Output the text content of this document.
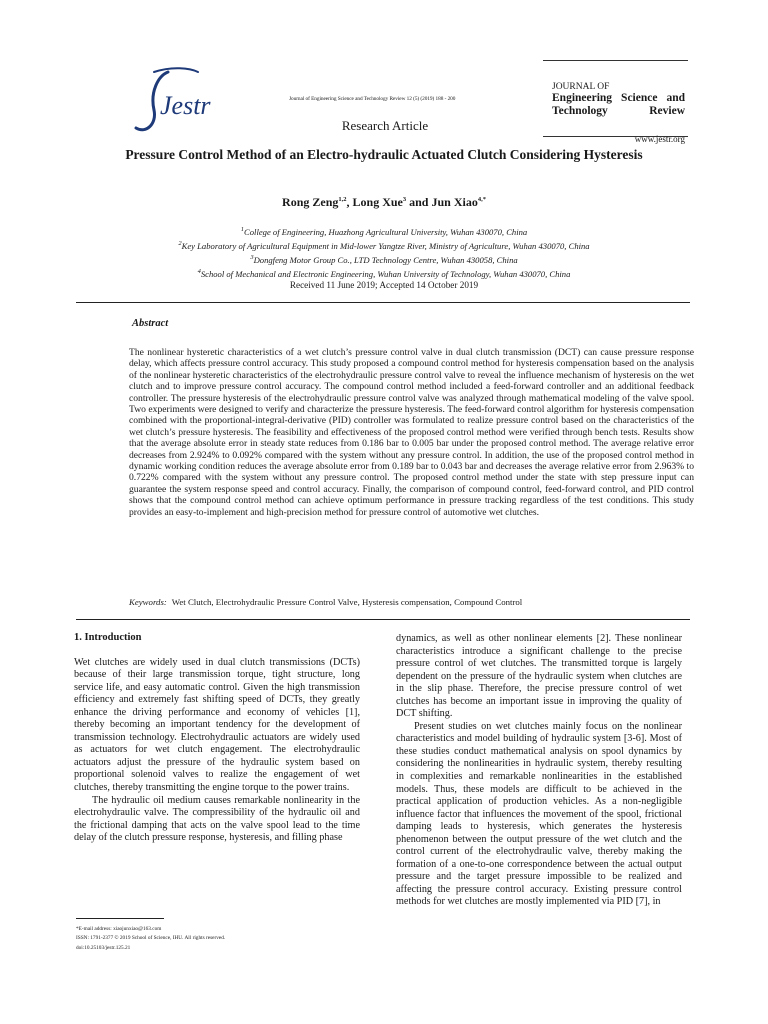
Jestr	Journal of Engineering Science and Technology Review 12 (5) (2019) 188 - 200
Research Article
JOURNAL OF
Engineering Science and Technology Review
www.jestr.org
Pressure Control Method of an Electro-hydraulic Actuated Clutch Considering Hysteresis
Rong Zeng$^{1,2}$, Long Xue$^3$ and Jun Xiao$^{4,*}$
$^1$College of Engineering, Huazhong Agricultural University, Wuhan 430070, China
$^2$Key Laboratory of Agricultural Equipment in Mid-lower Yangtze River, Ministry of Agriculture, Wuhan 430070, China
$^3$Dongfeng Motor Group Co., LTD Technology Centre, Wuhan 430058, China
$^4$School of Mechanical and Electronic Engineering, Wuhan University of Technology, Wuhan 430070, China
Received 11 June 2019; Accepted 14 October 2019
Abstract
The nonlinear hysteretic characteristics of a wet clutch’s pressure control valve in dual clutch transmission (DCT) can cause pressure response delay, which affects pressure control accuracy. This study proposed a compound control method for hysteresis compensation based on the analysis of the nonlinear hysteretic characteristics of the electrohydraulic pressure control valve to reveal the influence mechanism of hysteresis on the wet clutch and to improve pressure control accuracy. The compound control method included a feed-forward controller and an additional feedback controller. The pressure hysteresis of the electrohydraulic pressure control valve was analyzed through mathematical modeling of the valve spool. Two experiments were designed to verify and characterize the pressure hysteresis. The feed-forward control algorithm for hysteresis compensation combined with the proportional-integral-derivative (PID) controller was formulated to realize pressure control based on the characteristics of the wet clutch’s pressure hysteresis. The feasibility and effectiveness of the proposed control method were verified through bench tests. Results show that the average absolute error in steady state reduces from 0.186 bar to 0.005 bar under the proposed control method. The average relative error decreases from 2.924% to 0.092% compared with the system without any pressure control. In addition, the use of the proposed control method in dynamic working condition reduces the average absolute error from 0.189 bar to 0.043 bar and decreases the average relative error from 2.963% to 0.722% compared with the system without any pressure control. The proposed control method under the state with step pressure input can guarantee the system response speed and control accuracy. Finally, the comparison of compound control, feed-forward control, and PID control shows that the compound control method can achieve optimum performance in pressure tracking regardless of the test conditions. This study provides an easy-to-implement and high-precision method for pressure control of automotive wet clutches.
Keywords: Wet Clutch, Electrohydraulic Pressure Control Valve, Hysteresis compensation, Compound Control

1. Introduction

Wet clutches are widely used in dual clutch transmissions (DCTs) because of their large transmission torque, tight structure, long service life, and easy automatic control. Given the high transmission efficiency and extremely fast shifting speed of DCTs, they greatly enhance the driving performance and economy of vehicles [1], thereby becoming an important tendency for the development of transmission technology. Electrohydraulic actuators are widely used as actuators for wet clutch engagement. The electrohydraulic actuators adjust the pressure of the hydraulic system based on proportional solenoid valves to realize the engagement of wet clutches, thereby transmitting the engine torque to the power trains.

The hydraulic oil medium causes remarkable nonlinearity in the electrohydraulic valve. The compressibility of the hydraulic oil and the frictional damping that acts on the valve spool lead to the time delay of the clutch pressure response, hysteresis, and filling phase

dynamics, as well as other nonlinear elements [2]. These nonlinear characteristics introduce a significant challenge to the precise pressure control of wet clutches. The transmitted torque is largely dependent on the pressure of the hydraulic system when clutches are in the slip phase. Therefore, the precise pressure control of wet clutches has become an important issue in improving the quality of DCT shifting.

Present studies on wet clutches mainly focus on the nonlinear characteristics and model building of hydraulic system [3-6]. Most of these studies conduct mathematical analysis on spool dynamics by considering the nonlinearities in hydraulic system, thereby resulting in complexities and remarkable nonlinearities in the established models. Thus, these models are difficult to be achieved in the practical application of production vehicles. As a non-negligible influence factor that influences the movement of the spool, frictional damping leads to hysteresis, which generates the hysteresis phenomenon between the output pressure of the wet clutch and the control current of the electrohydraulic valve, thereby making the formation of a one-to-one correspondence between the actual output pressure and the target pressure impossible to be realized and affecting the pressure control accuracy. Existing pressure control methods for wet clutches are mostly implemented via PID [7], in

*E-mail address: xiaojunxiao@163.com
ISSN: 1791-2377 © 2019 School of Science, IHU. All rights reserved.
doi:10.25103/jestr.125.21
